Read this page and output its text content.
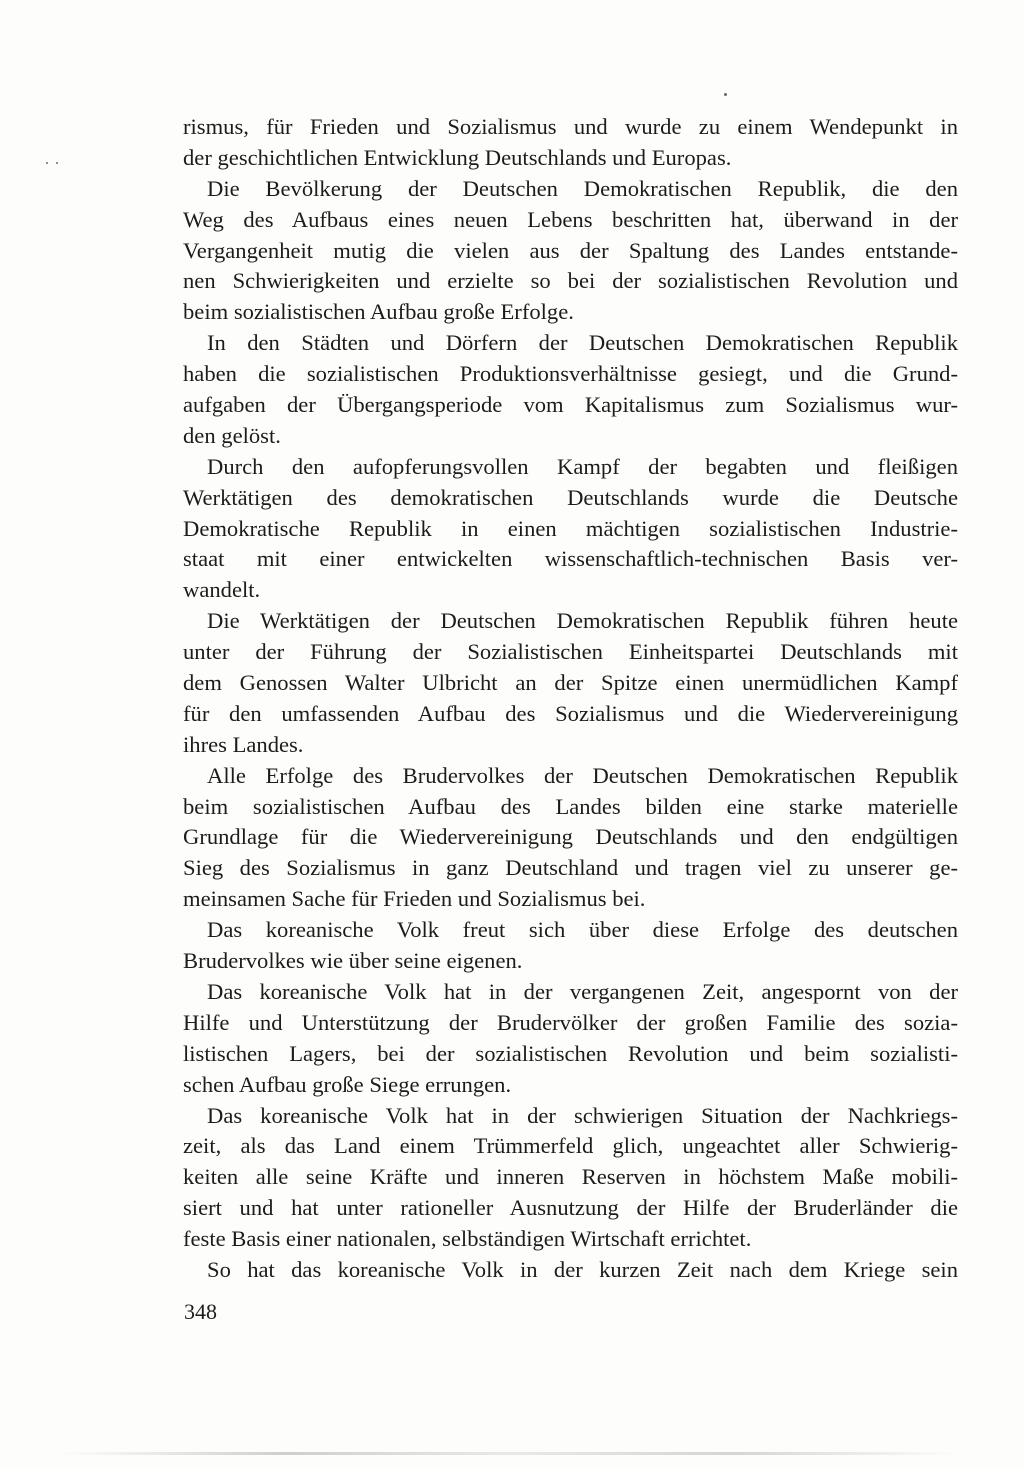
rismus, für Frieden und Sozialismus und wurde zu einem Wendepunkt in
der geschichtlichen Entwicklung Deutschlands und Europas.
Die Bevölkerung der Deutschen Demokratischen Republik, die den
Weg des Aufbaus eines neuen Lebens beschritten hat, überwand in der
Vergangenheit mutig die vielen aus der Spaltung des Landes entstande-
nen Schwierigkeiten und erzielte so bei der sozialistischen Revolution und
beim sozialistischen Aufbau große Erfolge.
In den Städten und Dörfern der Deutschen Demokratischen Republik
haben die sozialistischen Produktionsverhältnisse gesiegt, und die Grund-
aufgaben der Übergangsperiode vom Kapitalismus zum Sozialismus wur-
den gelöst.
Durch den aufopferungsvollen Kampf der begabten und fleißigen
Werktätigen des demokratischen Deutschlands wurde die Deutsche
Demokratische Republik in einen mächtigen sozialistischen Industrie-
staat mit einer entwickelten wissenschaftlich-technischen Basis ver-
wandelt.
Die Werktätigen der Deutschen Demokratischen Republik führen heute
unter der Führung der Sozialistischen Einheitspartei Deutschlands mit
dem Genossen Walter Ulbricht an der Spitze einen unermüdlichen Kampf
für den umfassenden Aufbau des Sozialismus und die Wiedervereinigung
ihres Landes.
Alle Erfolge des Brudervolkes der Deutschen Demokratischen Republik
beim sozialistischen Aufbau des Landes bilden eine starke materielle
Grundlage für die Wiedervereinigung Deutschlands und den endgültigen
Sieg des Sozialismus in ganz Deutschland und tragen viel zu unserer ge-
meinsamen Sache für Frieden und Sozialismus bei.
Das koreanische Volk freut sich über diese Erfolge des deutschen
Brudervolkes wie über seine eigenen.
Das koreanische Volk hat in der vergangenen Zeit, angespornt von der
Hilfe und Unterstützung der Brudervölker der großen Familie des sozia-
listischen Lagers, bei der sozialistischen Revolution und beim sozialisti-
schen Aufbau große Siege errungen.
Das koreanische Volk hat in der schwierigen Situation der Nachkriegs-
zeit, als das Land einem Trümmerfeld glich, ungeachtet aller Schwierig-
keiten alle seine Kräfte und inneren Reserven in höchstem Maße mobili-
siert und hat unter rationeller Ausnutzung der Hilfe der Bruderländer die
feste Basis einer nationalen, selbständigen Wirtschaft errichtet.
So hat das koreanische Volk in der kurzen Zeit nach dem Kriege sein
348
